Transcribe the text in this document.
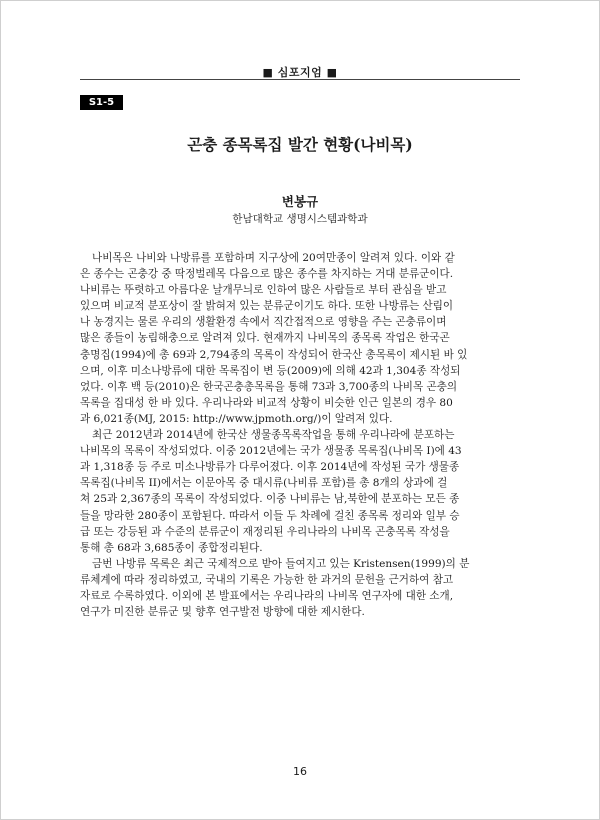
■ 심포지엄 ■
S1-5
곤충 종목록집 발간 현황(나비목)
변봉규
한남대학교 생명시스템과학과
나비목은 나비와 나방류를 포함하며 지구상에 20여만종이 알려져 있다. 이와 같
은 종수는 곤충강 중 딱정벌레목 다음으로 많은 종수를 차지하는 거대 분류군이다.
나비류는 뚜렷하고 아름다운 날개무늬로 인하여 많은 사람들로 부터 관심을 받고
있으며 비교적 분포상이 잘 밝혀져 있는 분류군이기도 하다. 또한 나방류는 산림이
나 농경지는 물론 우리의 생활환경 속에서 직간접적으로 영향을 주는 곤충류이며
많은 종들이 농림해충으로 알려져 있다. 현재까지 나비목의 종목록 작업은 한국곤
충명집(1994)에 총 69과 2,794종의 목록이 작성되어 한국산 총목록이 제시된 바 있
으며, 이후 미소나방류에 대한 목록집이 변 등(2009)에 의해 42과 1,304종 작성되
었다. 이후 백 등(2010)은 한국곤충총목록을 통해 73과 3,700종의 나비목 곤충의
목록을 집대성 한 바 있다. 우리나라와 비교적 상황이 비슷한 인근 일본의 경우 80
과 6,021종(MJ, 2015: http://www.jpmoth.org/)이 알려져 있다.
최근 2012년과 2014년에 한국산 생물종목록작업을 통해 우리나라에 분포하는
나비목의 목록이 작성되었다. 이중 2012년에는 국가 생물종 목록집(나비목 I)에 43
과 1,318종 등 주로 미소나방류가 다루어졌다. 이후 2014년에 작성된 국가 생물종
목록집(나비목 II)에서는 이문아목 중 대시류(나비류 포함)를 총 8개의 상과에 걸
쳐 25과 2,367종의 목록이 작성되었다. 이중 나비류는 남,북한에 분포하는 모든 종
들을 망라한 280종이 포함된다. 따라서 이들 두 차례에 걸친 종목록 정리와 일부 승
급 또는 강등된 과 수준의 분류군이 재정리된 우리나라의 나비목 곤충목록 작성을
통해 총 68과 3,685종이 종합정리된다.
금번 나방류 목록은 최근 국제적으로 받아 들여지고 있는 Kristensen(1999)의 분
류체계에 따라 정리하였고, 국내의 기록은 가능한 한 과거의 문헌을 근거하여 참고
자료로 수록하였다. 이외에 본 발표에서는 우리나라의 나비목 연구자에 대한 소개,
연구가 미진한 분류군 및 향후 연구발전 방향에 대한 제시한다.
16
